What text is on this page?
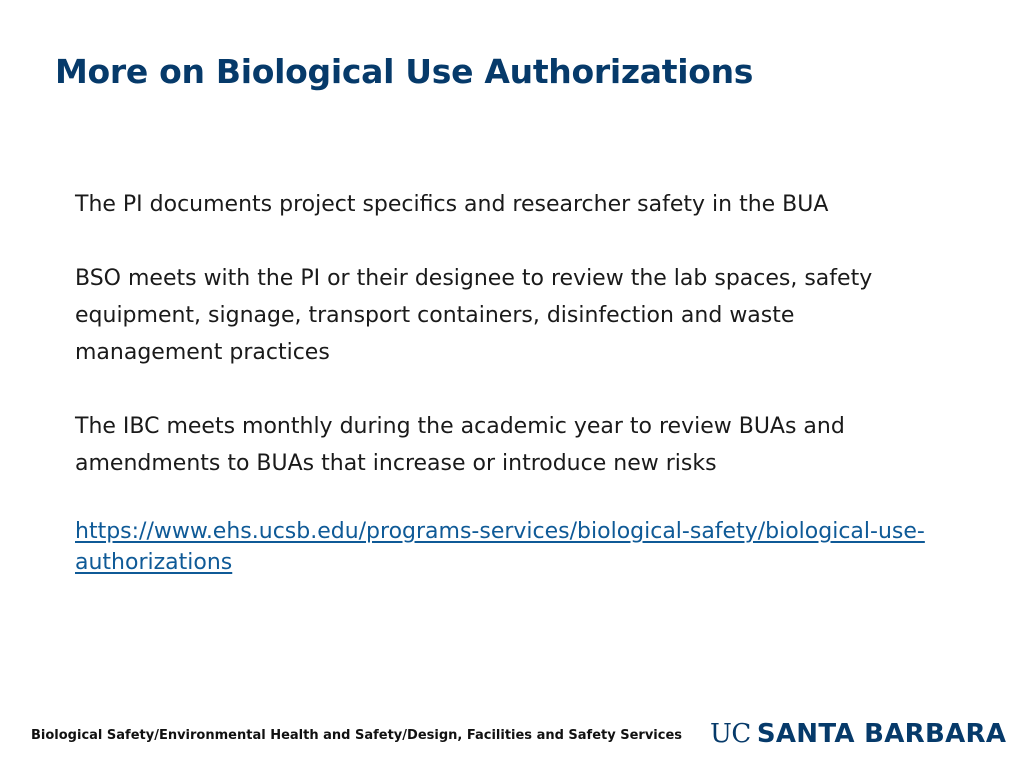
More on Biological Use Authorizations

The PI documents project specifics and researcher safety in the BUA

BSO meets with the PI or their designee to review the lab spaces, safety equipment, signage, transport containers, disinfection and waste management practices

The IBC meets monthly during the academic year to review BUAs and amendments to BUAs that increase or introduce new risks

https://www.ehs.ucsb.edu/programs-services/biological-safety/biological-use-authorizations
Biological Safety/Environmental Health and Safety/Design, Facilities and Safety Services UC SANTA BARBARA
